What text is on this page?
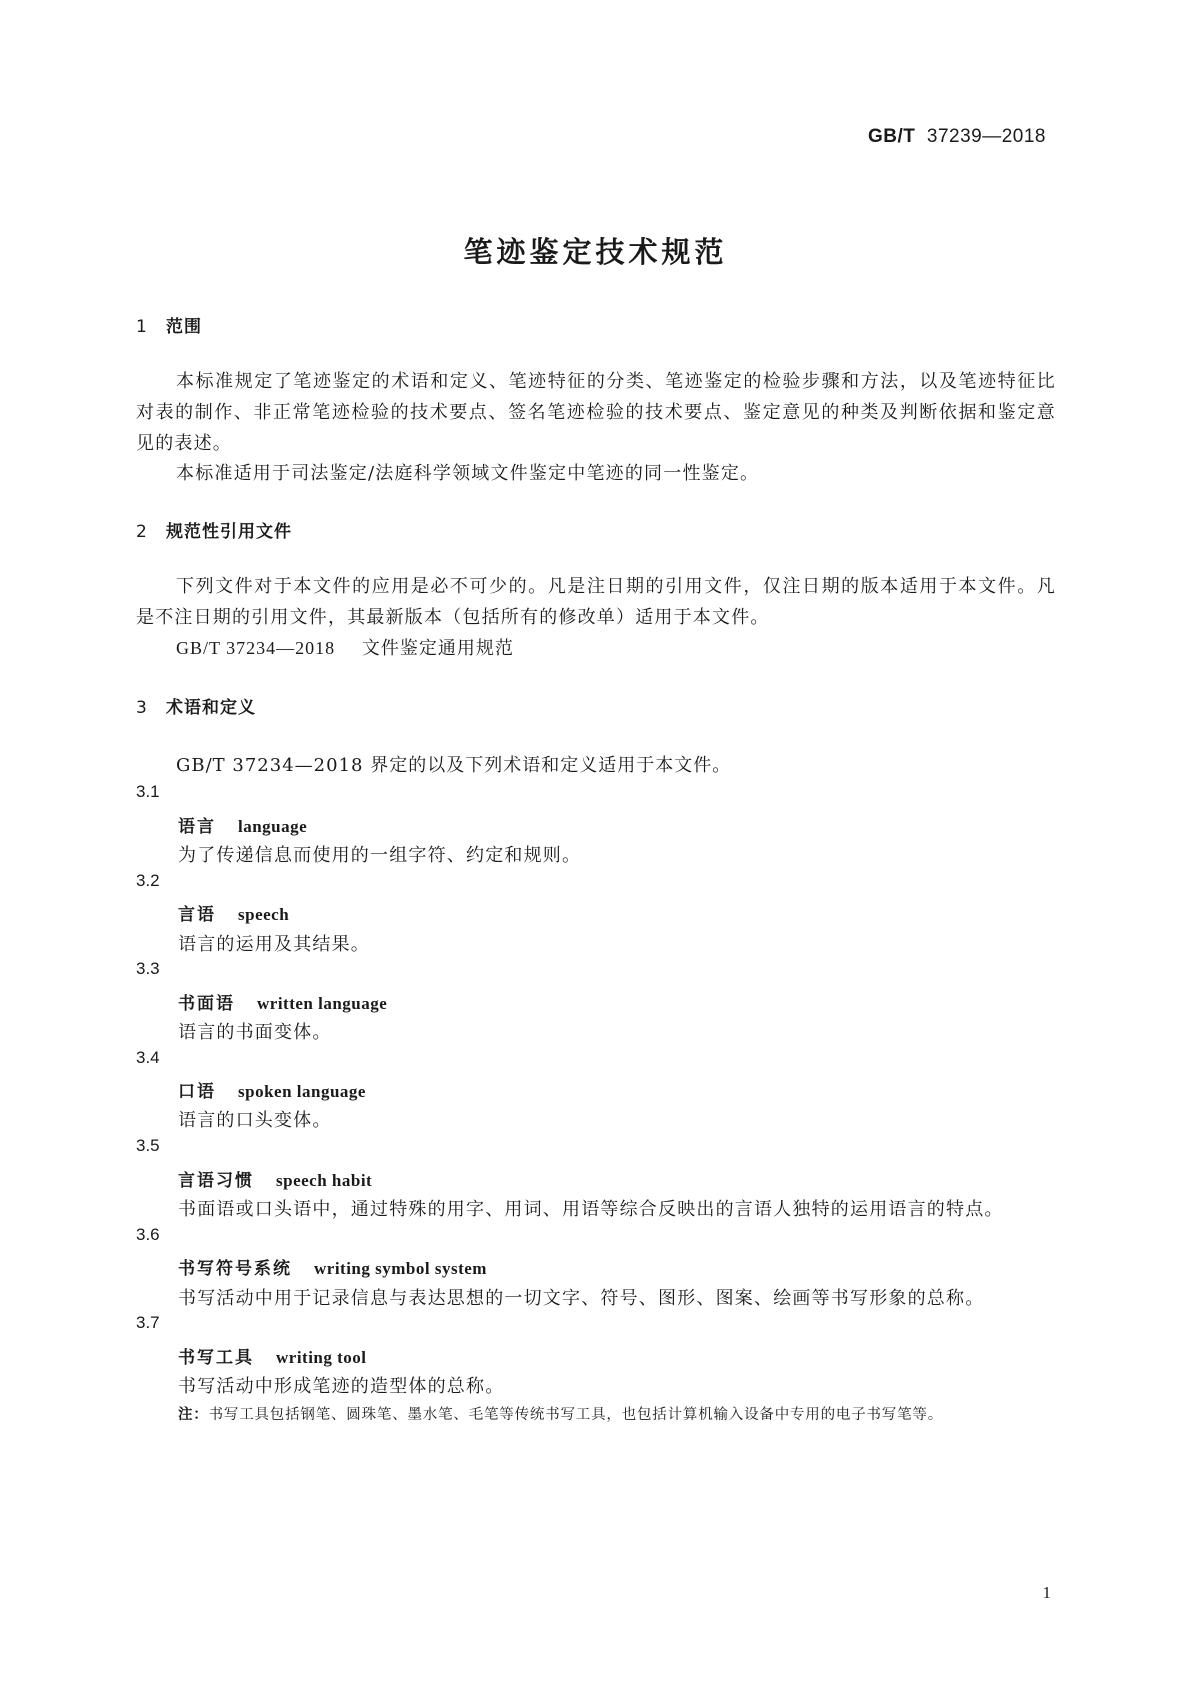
GB/T 37239—2018
笔迹鉴定技术规范
1 范围
本标准规定了笔迹鉴定的术语和定义、笔迹特征的分类、笔迹鉴定的检验步骤和方法，以及笔迹特征比对表的制作、非正常笔迹检验的技术要点、签名笔迹检验的技术要点、鉴定意见的种类及判断依据和鉴定意见的表述。
本标准适用于司法鉴定/法庭科学领域文件鉴定中笔迹的同一性鉴定。
2 规范性引用文件
下列文件对于本文件的应用是必不可少的。凡是注日期的引用文件，仅注日期的版本适用于本文件。凡是不注日期的引用文件，其最新版本（包括所有的修改单）适用于本文件。
GB/T 37234—2018 文件鉴定通用规范
3 术语和定义
GB/T 37234—2018 界定的以及下列术语和定义适用于本文件。
3.1
语言 language
为了传递信息而使用的一组字符、约定和规则。
3.2
言语 speech
语言的运用及其结果。
3.3
书面语 written language
语言的书面变体。
3.4
口语 spoken language
语言的口头变体。
3.5
言语习惯 speech habit
书面语或口头语中，通过特殊的用字、用词、用语等综合反映出的言语人独特的运用语言的特点。
3.6
书写符号系统 writing symbol system
书写活动中用于记录信息与表达思想的一切文字、符号、图形、图案、绘画等书写形象的总称。
3.7
书写工具 writing tool
书写活动中形成笔迹的造型体的总称。
注：书写工具包括钢笔、圆珠笔、墨水笔、毛笔等传统书写工具，也包括计算机输入设备中专用的电子书写笔等。
1
